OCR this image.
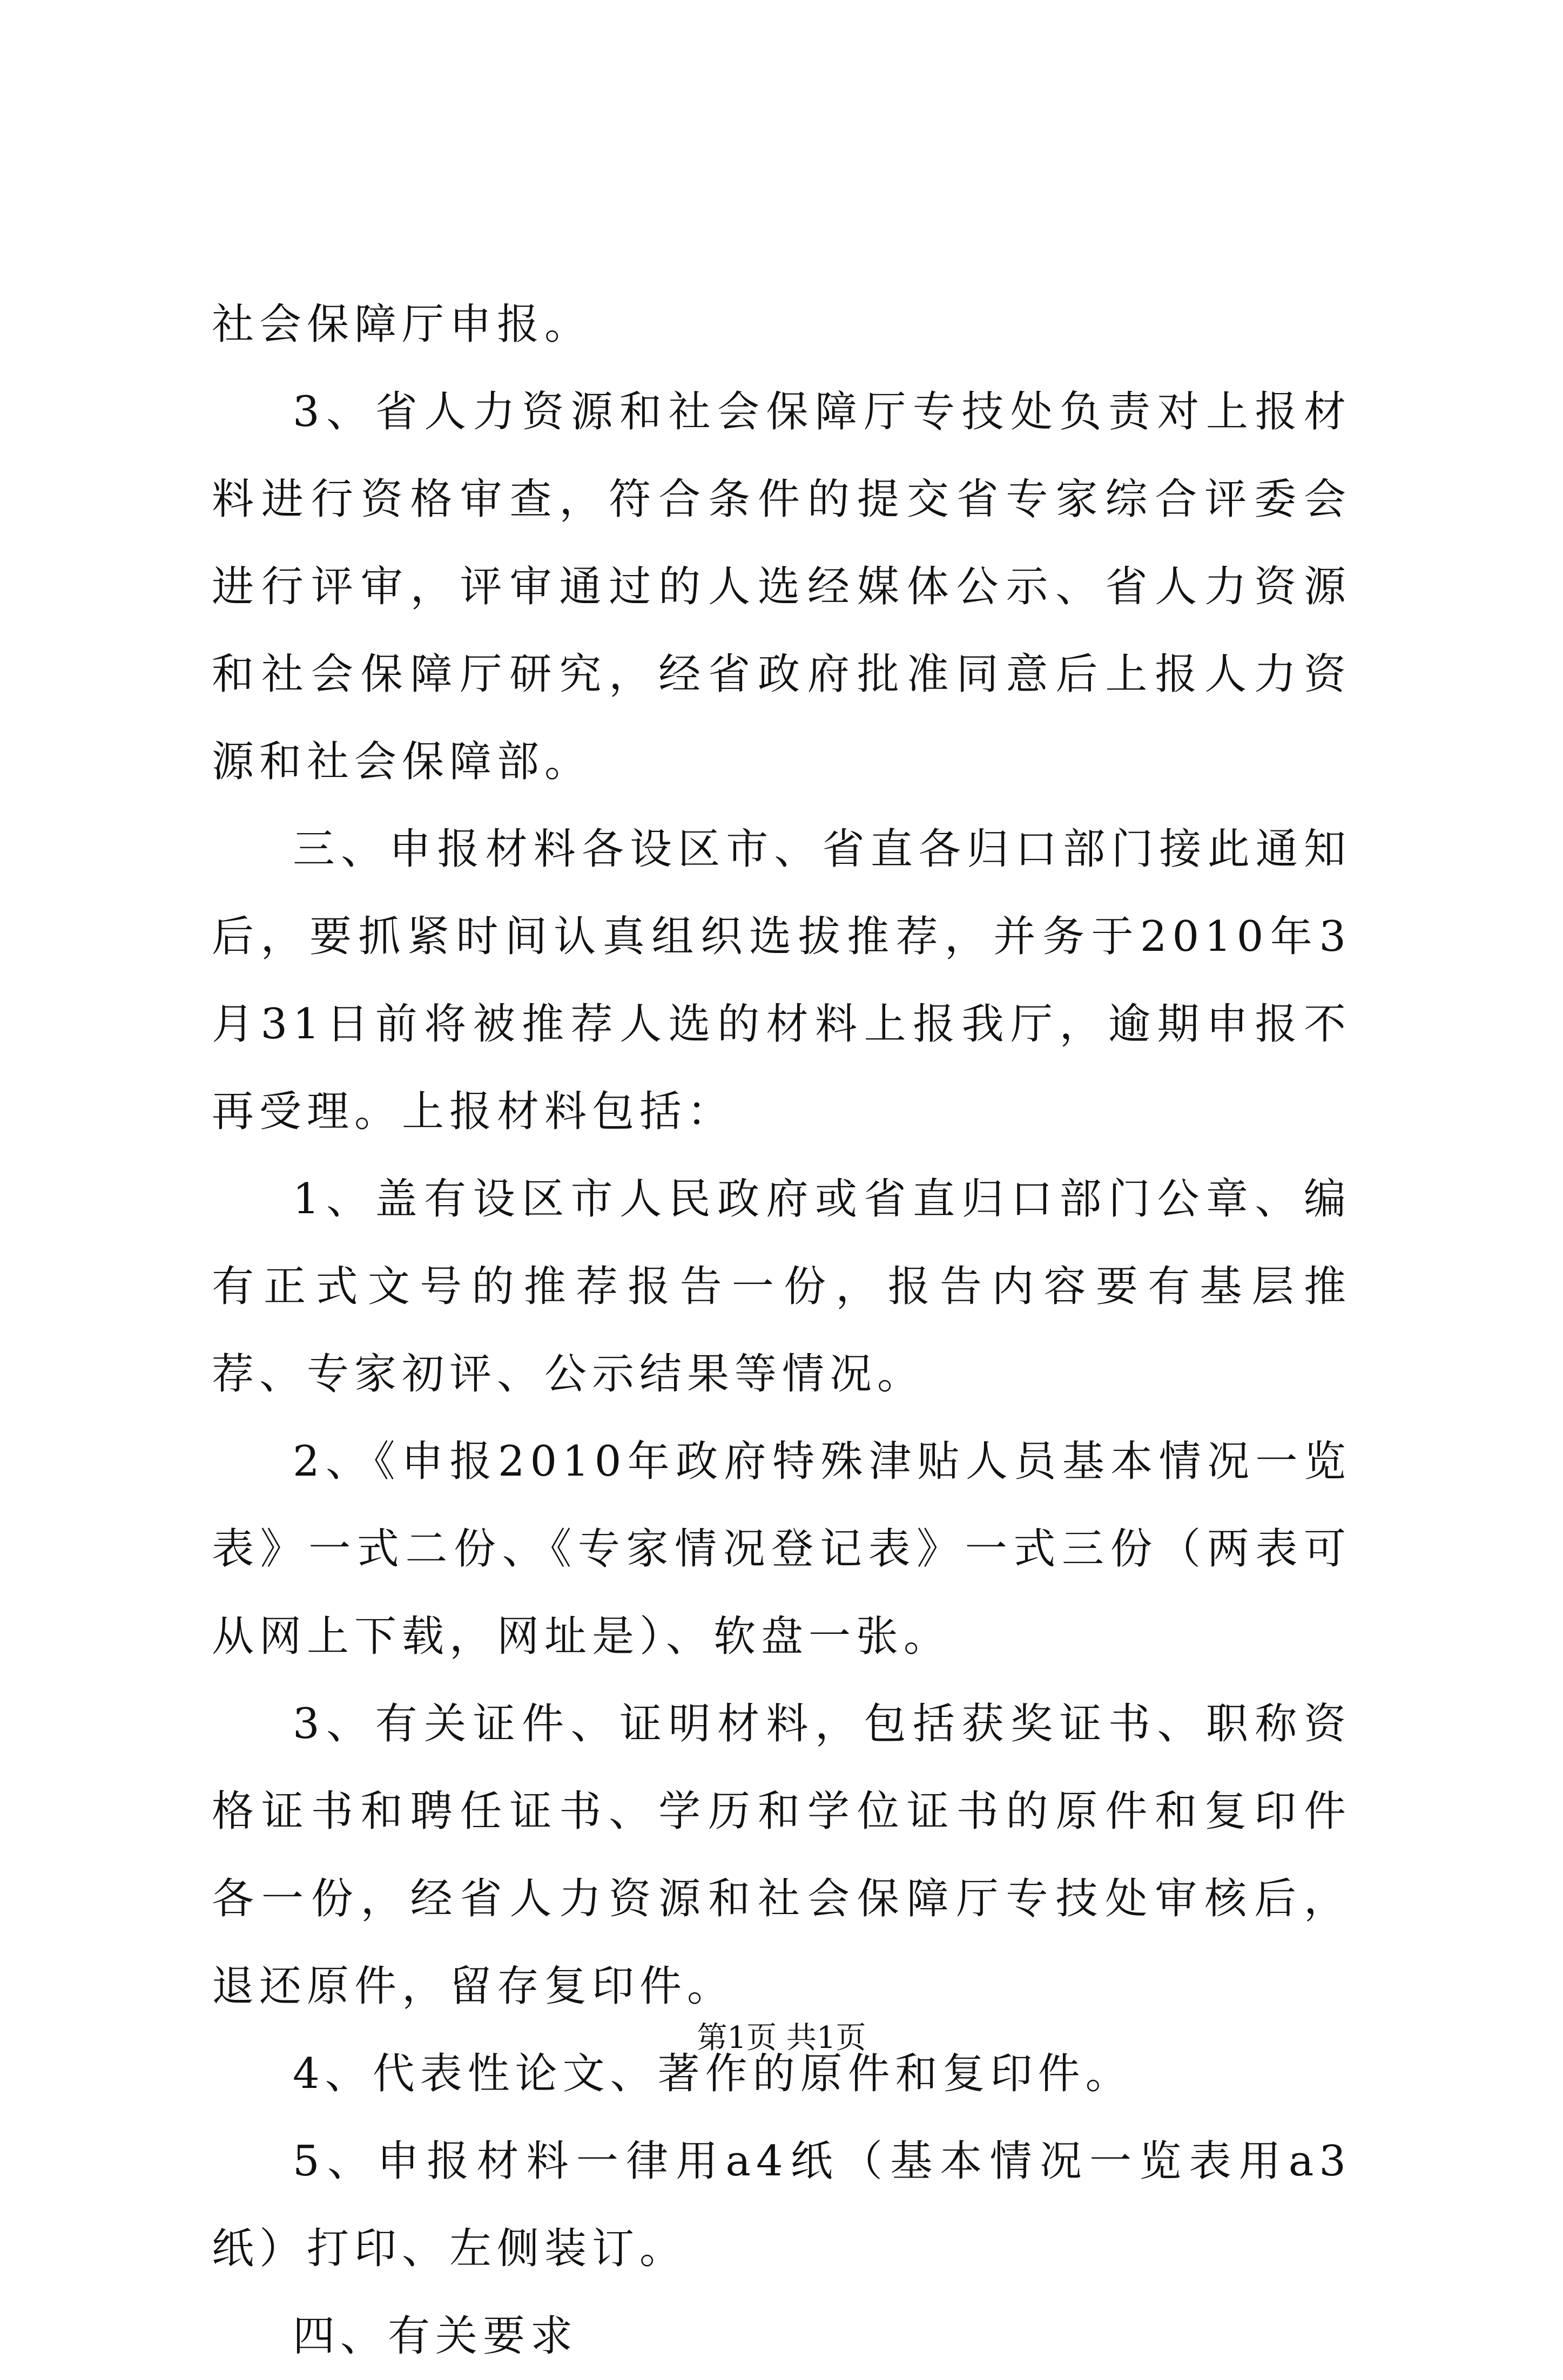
社会保障厅申报。

3、省人力资源和社会保障厅专技处负责对上报材料进行资格审查，符合条件的提交省专家综合评委会进行评审，评审通过的人选经媒体公示、省人力资源和社会保障厅研究，经省政府批准同意后上报人力资源和社会保障部。

三、申报材料各设区市、省直各归口部门接此通知后，要抓紧时间认真组织选拔推荐，并务于2010年3月31日前将被推荐人选的材料上报我厅，逾期申报不再受理。上报材料包括：

1、盖有设区市人民政府或省直归口部门公章、编有正式文号的推荐报告一份，报告内容要有基层推荐、专家初评、公示结果等情况。

2、《申报2010年政府特殊津贴人员基本情况一览表》一式二份、《专家情况登记表》一式三份（两表可从网上下载，网址是）、软盘一张。

3、有关证件、证明材料，包括获奖证书、职称资格证书和聘任证书、学历和学位证书的原件和复印件各一份，经省人力资源和社会保障厅专技处审核后，退还原件，留存复印件。

4、代表性论文、著作的原件和复印件。

5、申报材料一律用a4纸（基本情况一览表用a3纸）打印、左侧装订。

四、有关要求

第1页 共1页
